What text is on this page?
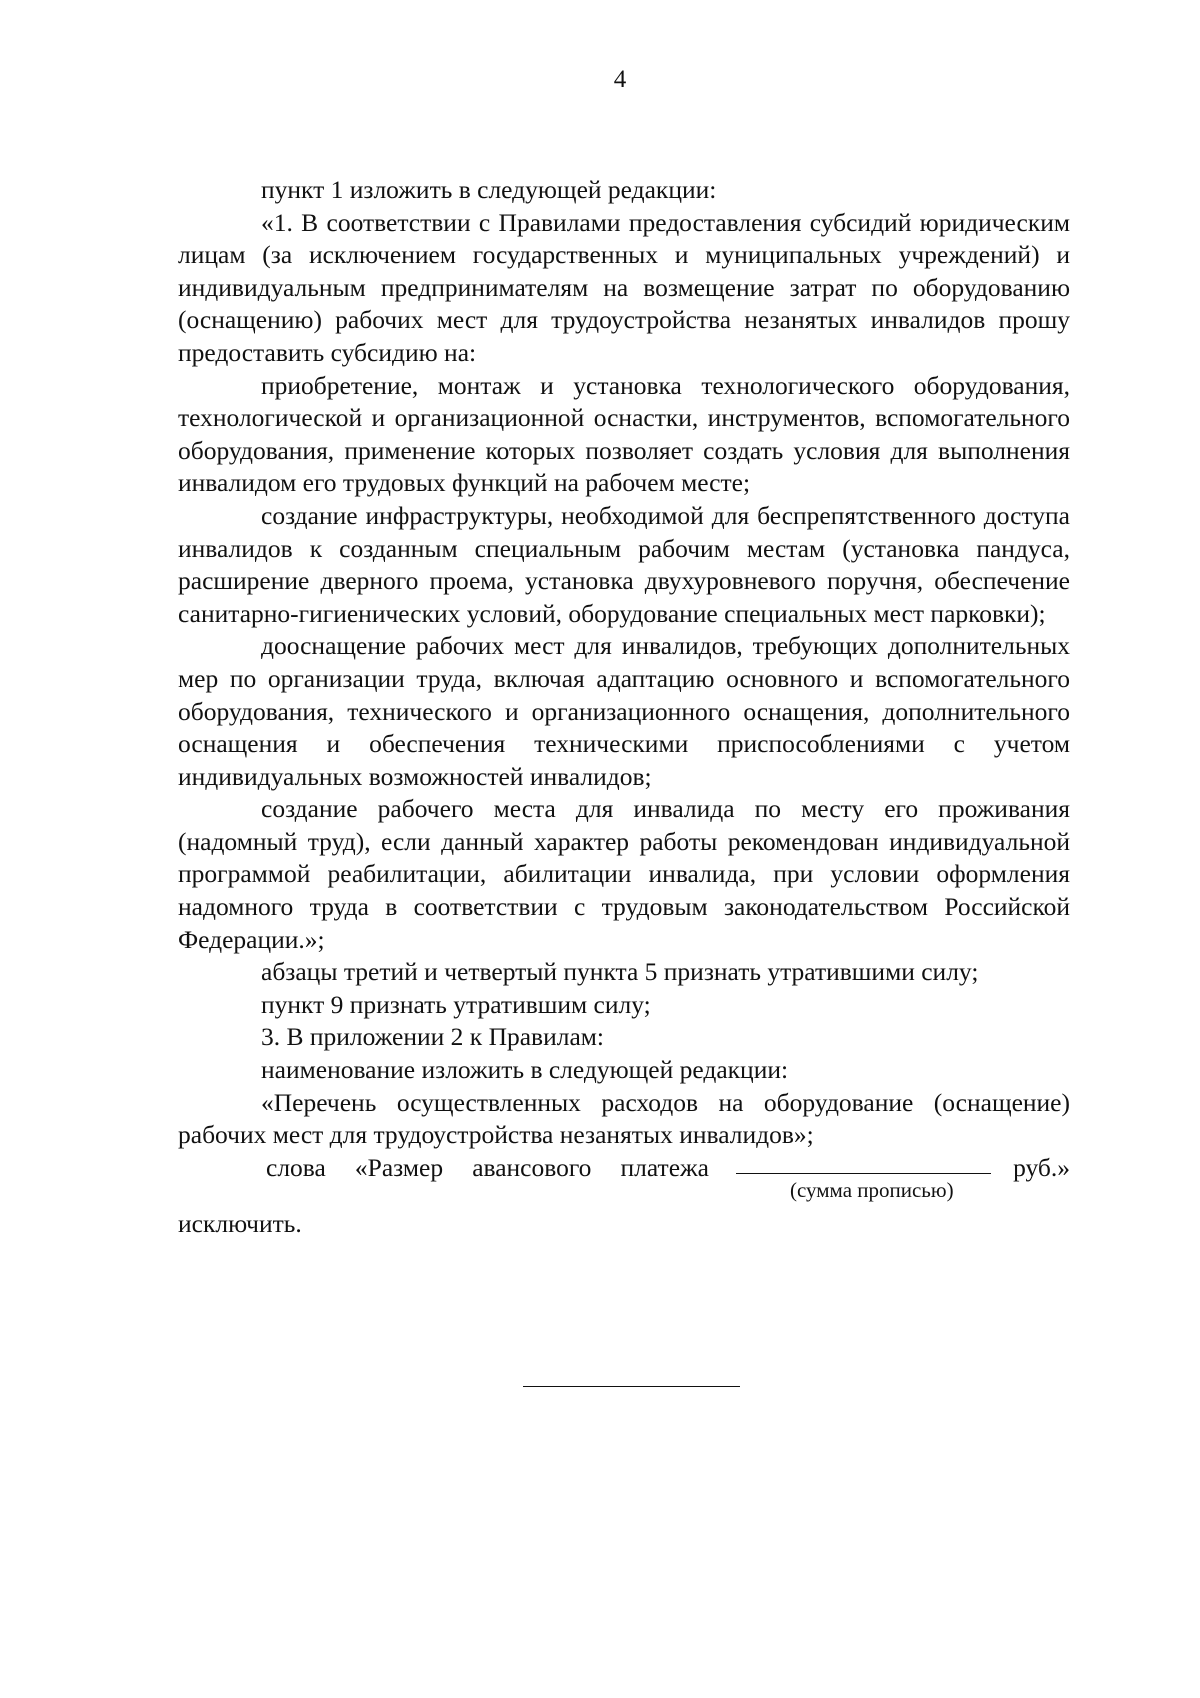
4

пункт 1 изложить в следующей редакции:

«1. В соответствии с Правилами предоставления субсидий юридическим лицам (за исключением государственных и муниципальных учреждений) и индивидуальным предпринимателям на возмещение затрат по оборудованию (оснащению) рабочих мест для трудоустройства незанятых инвалидов прошу предоставить субсидию на:

приобретение, монтаж и установка технологического оборудования, технологической и организационной оснастки, инструментов, вспомогательного оборудования, применение которых позволяет создать условия для выполнения инвалидом его трудовых функций на рабочем месте;

создание инфраструктуры, необходимой для беспрепятственного доступа инвалидов к созданным специальным рабочим местам (установка пандуса, расширение дверного проема, установка двухуровневого поручня, обеспечение санитарно-гигиенических условий, оборудование специальных мест парковки);

дооснащение рабочих мест для инвалидов, требующих дополнительных мер по организации труда, включая адаптацию основного и вспомогательного оборудования, технического и организационного оснащения, дополнительного оснащения и обеспечения техническими приспособлениями с учетом индивидуальных возможностей инвалидов;

создание рабочего места для инвалида по месту его проживания (надомный труд), если данный характер работы рекомендован индивидуальной программой реабилитации, абилитации инвалида, при условии оформления надомного труда в соответствии с трудовым законодательством Российской Федерации.»;

абзацы третий и четвертый пункта 5 признать утратившими силу;

пункт 9 признать утратившим силу;

3. В приложении 2 к Правилам:

наименование изложить в следующей редакции:

«Перечень осуществленных расходов на оборудование (оснащение) рабочих мест для трудоустройства незанятых инвалидов»;

слова «Размер авансового платежа	руб.»
(сумма прописью)

исключить.
